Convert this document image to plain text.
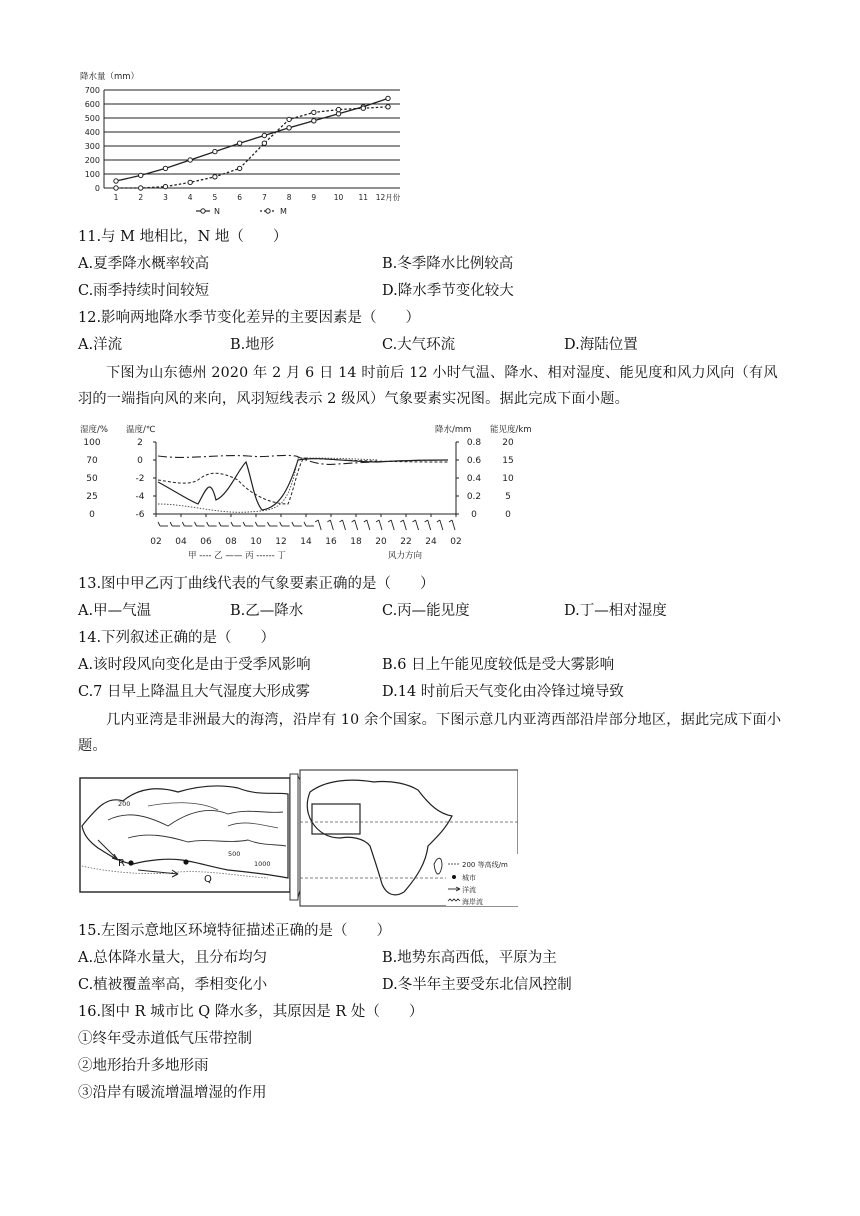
降水量（mm）
700
600
500
400
300
200
100
0
1	2	3	4	5	6	7	8	9 10 11 12月份
N	M
11.与 M 地相比，N 地（　　）
A.夏季降水概率较高	B.冬季降水比例较高
C.雨季持续时间较短	D.降水季节变化较大
12.影响两地降水季节变化差异的主要因素是（　　）
A.洋流	B.地形	C.大气环流	D.海陆位置
下图为山东德州 2020 年 2 月 6 日 14 时前后 12 小时气温、降水、相对湿度、能见度和风力风向（有风羽的一端指向风的来向，风羽短线表示 2 级风）气象要素实况图。据此完成下面小题。
湿度/% 温度/℃	降水/mm 能见度/km
100	2	0.8 20
70	0	0.6 15
50	-2	0.4 10
25	-4	0.2	5
0	-6	0	0
02 04 06 08 10 12 14 16 18 20 22 24 02
甲 ---- 乙 —— 丙 ------ 丁	风力方向
13.图中甲乙丙丁曲线代表的气象要素正确的是（　　）
A.甲—气温	B.乙—降水	C.丙—能见度	D.丁—相对湿度
14.下列叙述正确的是（　　）
A.该时段风向变化是由于受季风影响	B.6 日上午能见度较低是受大雾影响
C.7 日早上降温且大气湿度大形成雾	D.14 时前后天气变化由冷锋过境导致
几内亚湾是非洲最大的海湾，沿岸有 10 余个国家。下图示意几内亚湾西部沿岸部分地区，据此完成下面小题。
R
Q
200
500
1000	200 等高线/m
城市
洋流
海岸流
15.左图示意地区环境特征描述正确的是（　　）
A.总体降水量大，且分布均匀	B.地势东高西低，平原为主
C.植被覆盖率高，季相变化小	D.冬半年主要受东北信风控制
16.图中 R 城市比 Q 降水多，其原因是 R 处（　　）
①终年受赤道低气压带控制
②地形抬升多地形雨
③沿岸有暖流增温增湿的作用
